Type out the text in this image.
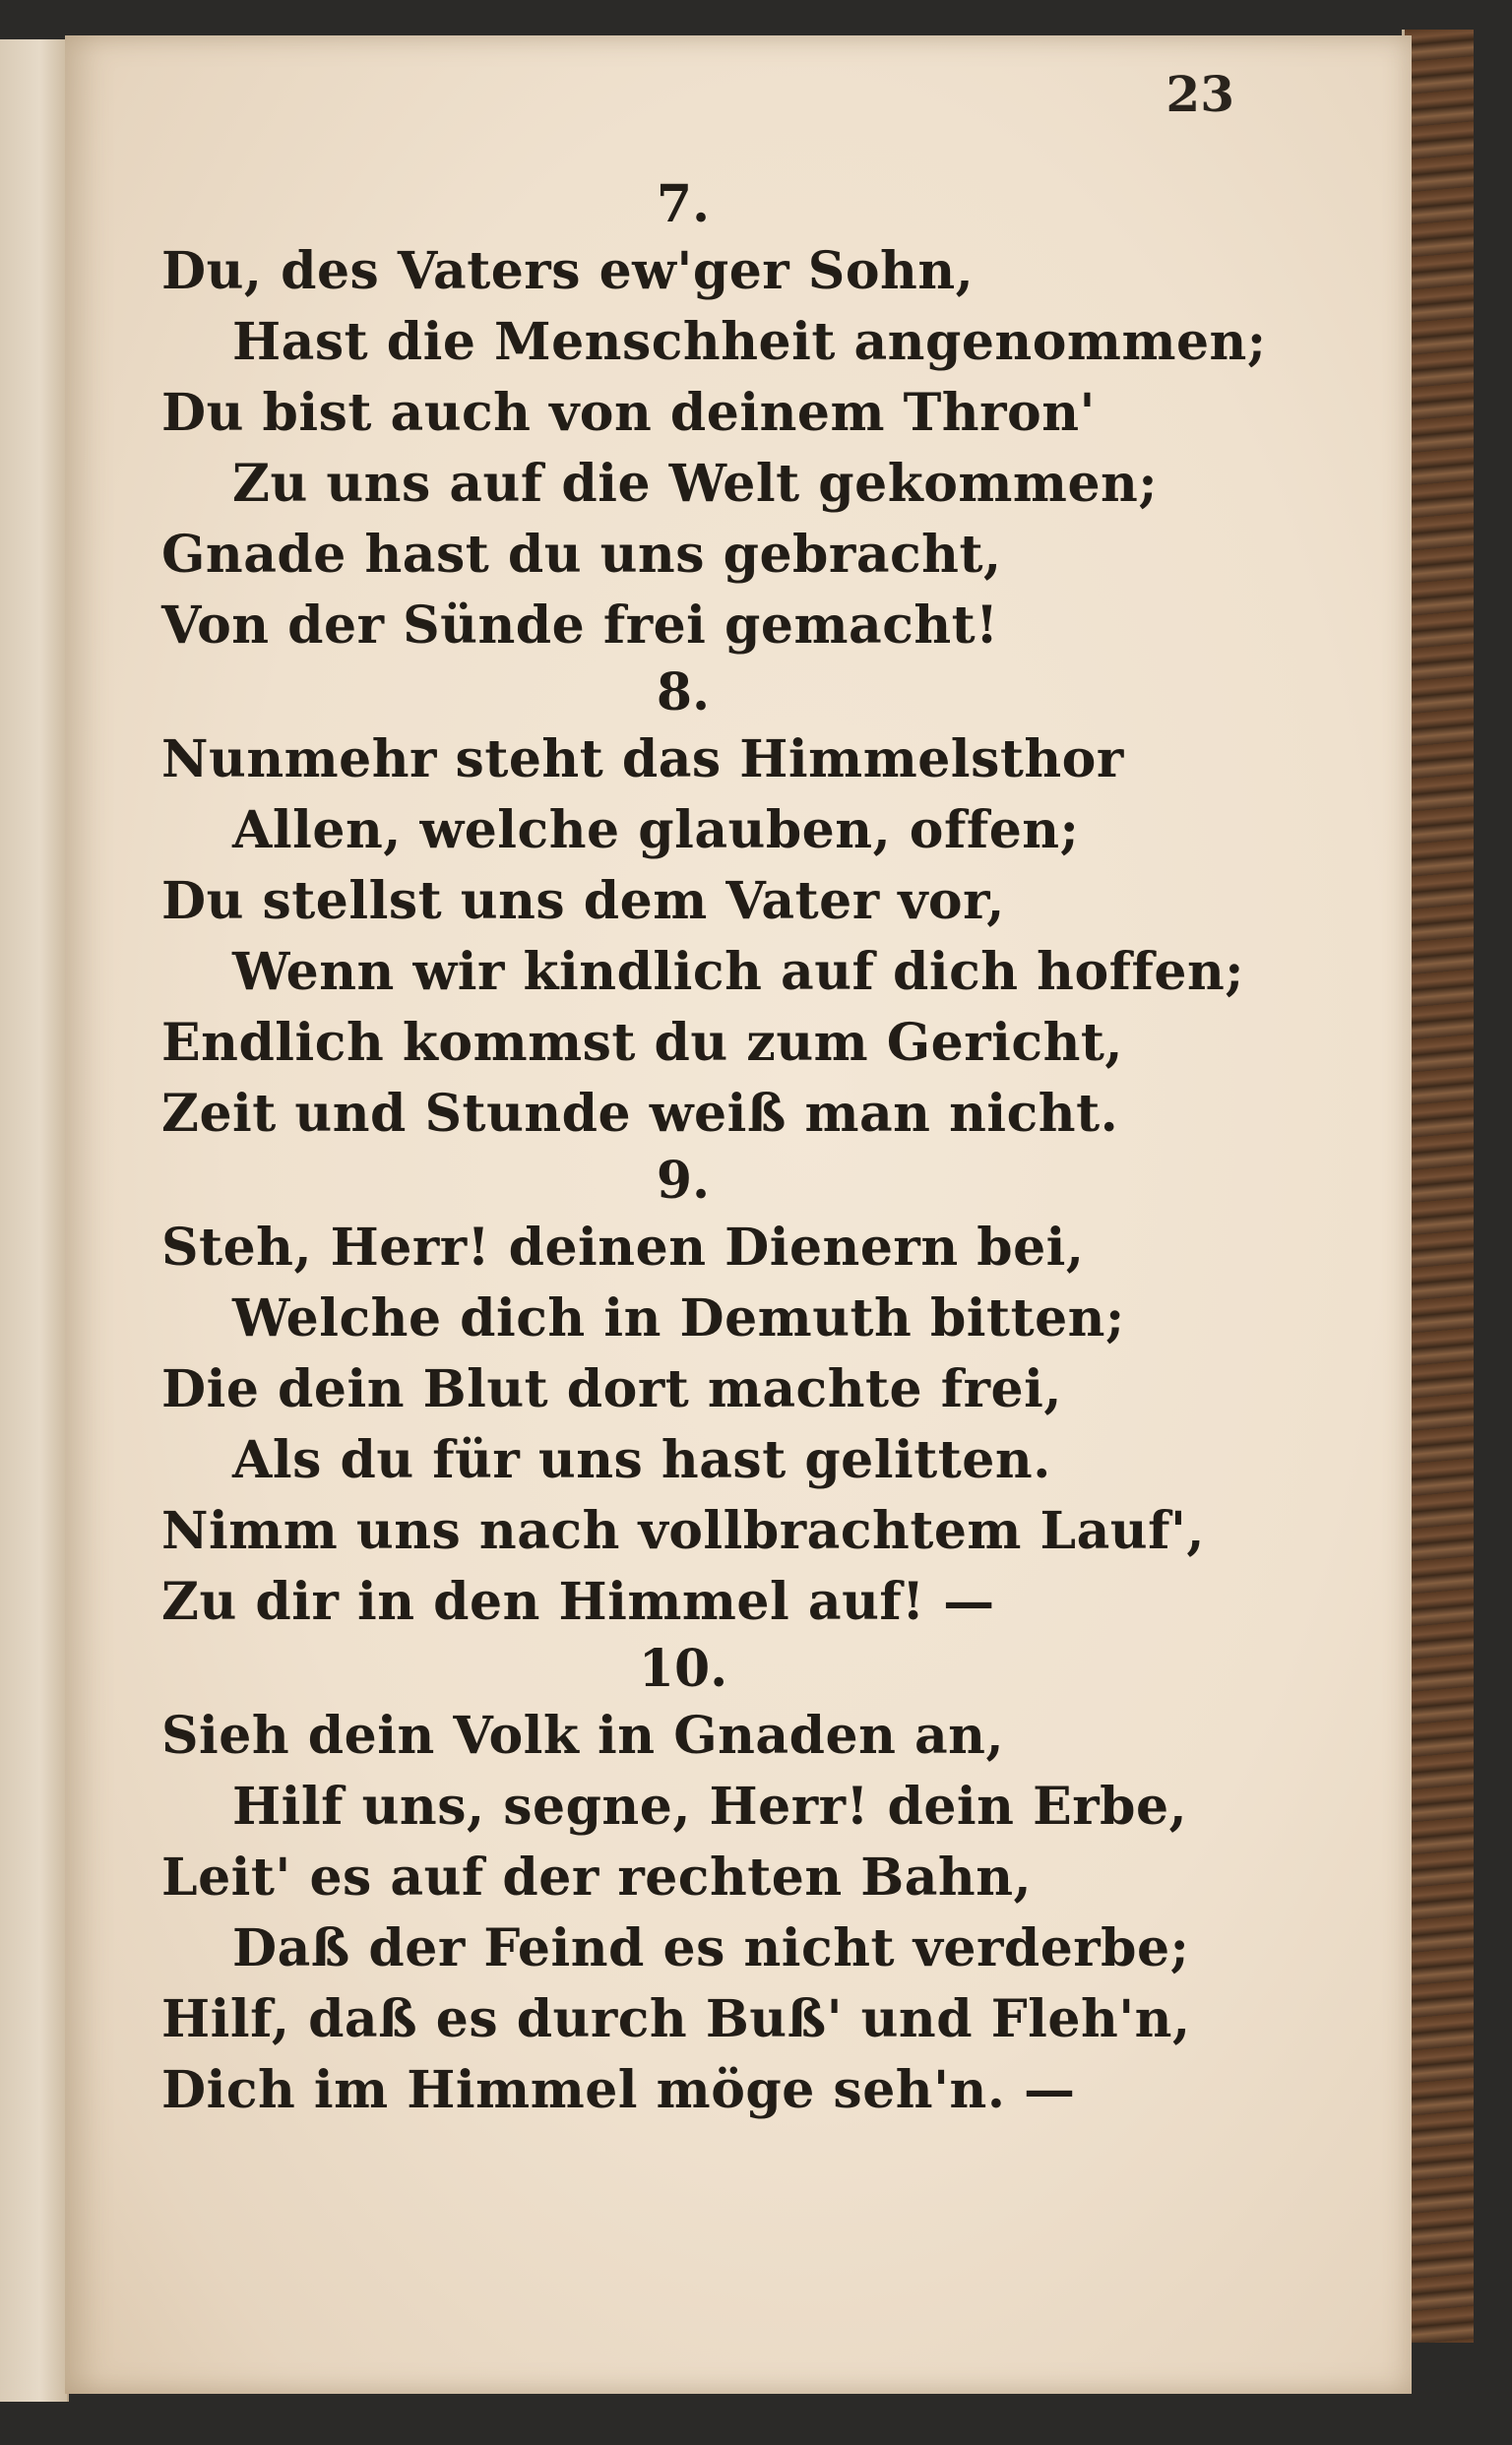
23
7.
Du, des Vaters ew'ger Sohn,
Hast die Menschheit angenommen;
Du bist auch von deinem Thron'
Zu uns auf die Welt gekommen;
Gnade hast du uns gebracht,
Von der Sünde frei gemacht!
8.
Nunmehr steht das Himmelsthor
Allen, welche glauben, offen;
Du stellst uns dem Vater vor,
Wenn wir kindlich auf dich hoffen;
Endlich kommst du zum Gericht,
Zeit und Stunde weiß man nicht.
9.
Steh, Herr! deinen Dienern bei,
Welche dich in Demuth bitten;
Die dein Blut dort machte frei,
Als du für uns hast gelitten.
Nimm uns nach vollbrachtem Lauf',
Zu dir in den Himmel auf! —
10.
Sieh dein Volk in Gnaden an,
Hilf uns, segne, Herr! dein Erbe,
Leit' es auf der rechten Bahn,
Daß der Feind es nicht verderbe;
Hilf, daß es durch Buß' und Fleh'n,
Dich im Himmel möge seh'n. —
